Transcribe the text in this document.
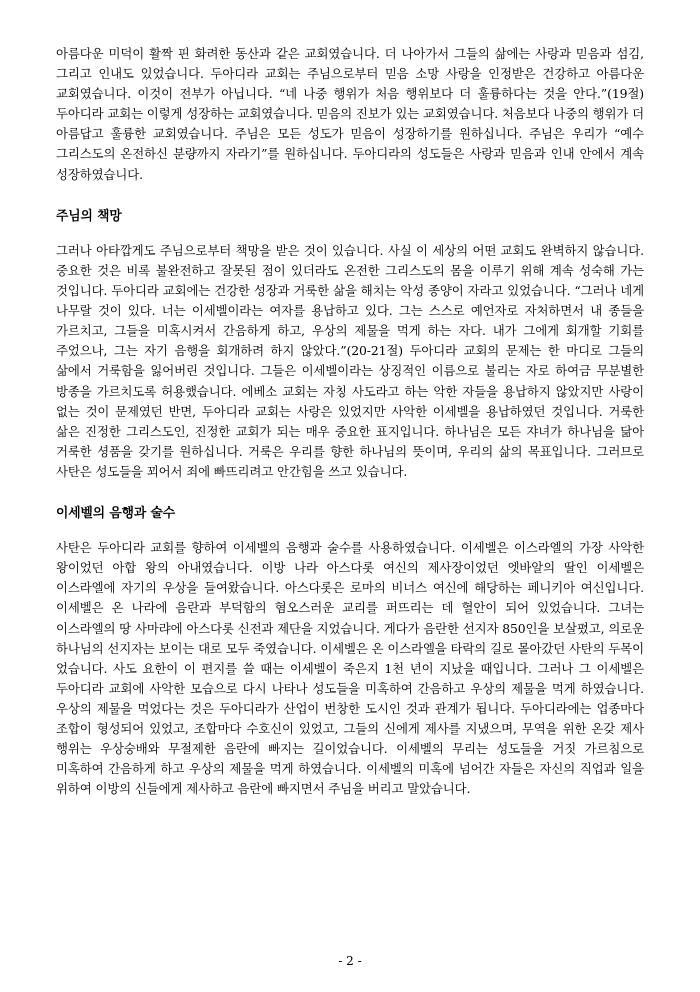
아름다운 미덕이 활짝 핀 화려한 동산과 같은 교회였습니다. 더 나아가서 그들의 삶에는 사랑과 믿음과 섬김, 그리고 인내도 있었습니다. 두아디라 교회는 주님으로부터 믿음 소망 사랑을 인정받은 건강하고 아름다운 교회였습니다. 이것이 전부가 아닙니다. “네 나중 행위가 처음 행위보다 더 훌륭하다는 것을 안다.”(19절) 두아디라 교회는 이렇게 성장하는 교회였습니다. 믿음의 진보가 있는 교회였습니다. 처음보다 나중의 행위가 더 아름답고 훌륭한 교회였습니다. 주님은 모든 성도가 믿음이 성장하기를 원하십니다. 주님은 우리가 “예수 그리스도의 온전하신 분량까지 자라기”를 원하십니다. 두아디라의 성도들은 사랑과 믿음과 인내 안에서 계속 성장하였습니다.

주님의 책망

그러나 아타깝게도 주님으로부터 책망을 받은 것이 있습니다. 사실 이 세상의 어떤 교회도 완벽하지 않습니다. 중요한 것은 비록 불완전하고 잘못된 점이 있더라도 온전한 그리스도의 몸을 이루기 위해 계속 성숙해 가는 것입니다. 두아디라 교회에는 건강한 성장과 거룩한 삶을 해치는 악성 종양이 자라고 있었습니다. “그러나 네게 나무랄 것이 있다. 너는 이세벨이라는 여자를 용납하고 있다. 그는 스스로 예언자로 자처하면서 내 종들을 가르치고, 그들을 미혹시켜서 간음하게 하고, 우상의 제물을 먹게 하는 자다. 내가 그에게 회개할 기회를 주었으나, 그는 자기 음행을 회개하려 하지 않았다.”(20-21절) 두아디라 교회의 문제는 한 마디로 그들의 삶에서 거룩함을 잃어버린 것입니다. 그들은 이세벨이라는 상징적인 이름으로 불리는 자로 하여금 무분별한 방종을 가르치도록 허용했습니다. 에베소 교회는 자칭 사도라고 하는 악한 자들을 용납하지 않았지만 사랑이 없는 것이 문제였던 반면, 두아디라 교회는 사랑은 있었지만 사악한 이세벨을 용납하였던 것입니다. 거룩한 삶은 진정한 그리스도인, 진정한 교회가 되는 매우 중요한 표지입니다. 하나님은 모든 쟈녀가 하나님을 닮아 거룩한 셩품을 갖기를 원하십니다. 거룩은 우리를 향한 하나님의 뜻이며, 우리의 삶의 목표입니다. 그러므로 사탄은 성도들을 꾀어서 죄에 빠뜨리려고 안간힘을 쓰고 있습니다.

이세벨의 음행과 술수

사탄은 두아디라 교회를 향하여 이세벨의 음행과 술수를 사용하였습니다. 이세벨은 이스라엘의 가장 사악한 왕이었던 아합 왕의 아내였습니다. 이방 나라 아스다롯 여신의 제사장이었던 엣바알의 딸인 이세벨은 이스라엘에 자기의 우상을 들여왔습니다. 아스다롯은 로마의 비너스 여신에 해당하는 페니키아 여신입니다. 이세벨은 온 나라에 음란과 부덕함의 혐오스러운 교리를 퍼뜨리는 데 혈안이 되어 있었습니다. 그녀는 이스라엘의 땅 사마랴에 아스다롯 신전과 제단을 지었습니다. 게다가 음란한 선지자 850인을 보살폈고, 의로운 하나님의 선지자는 보이는 대로 모두 죽였습니다. 이세벨은 온 이스라엘을 타락의 길로 몰아갔던 사탄의 두목이 었습니다. 사도 요한이 이 편지를 쓸 때는 이세벨이 죽은지 1천 년이 지났을 때입니다. 그러나 그 이세벨은 두아디라 교회에 사악한 모습으로 다시 나타나 성도들을 미혹하여 간음하고 우상의 제물을 먹게 하였습니다. 우상의 제물을 먹었다는 것은 두아디라가 산업이 번창한 도시인 것과 관계가 됩니다. 두아디라에는 업종마다 조합이 형성되어 있었고, 조합마다 수호신이 있었고, 그들의 신에게 제사를 지냈으며, 무역을 위한 온갖 제사 행위는 우상숭배와 무절제한 음란에 빠지는 길이었습니다. 이세벨의 무리는 성도들을 거짓 가르침으로 미혹하여 간음하게 하고 우상의 제물을 먹게 하였습니다. 이세벨의 미혹에 넘어간 자들은 자신의 직업과 일을 위하여 이방의 신들에게 제사하고 음란에 빠지면서 주님을 버리고 말았습니다.

- 2 -
